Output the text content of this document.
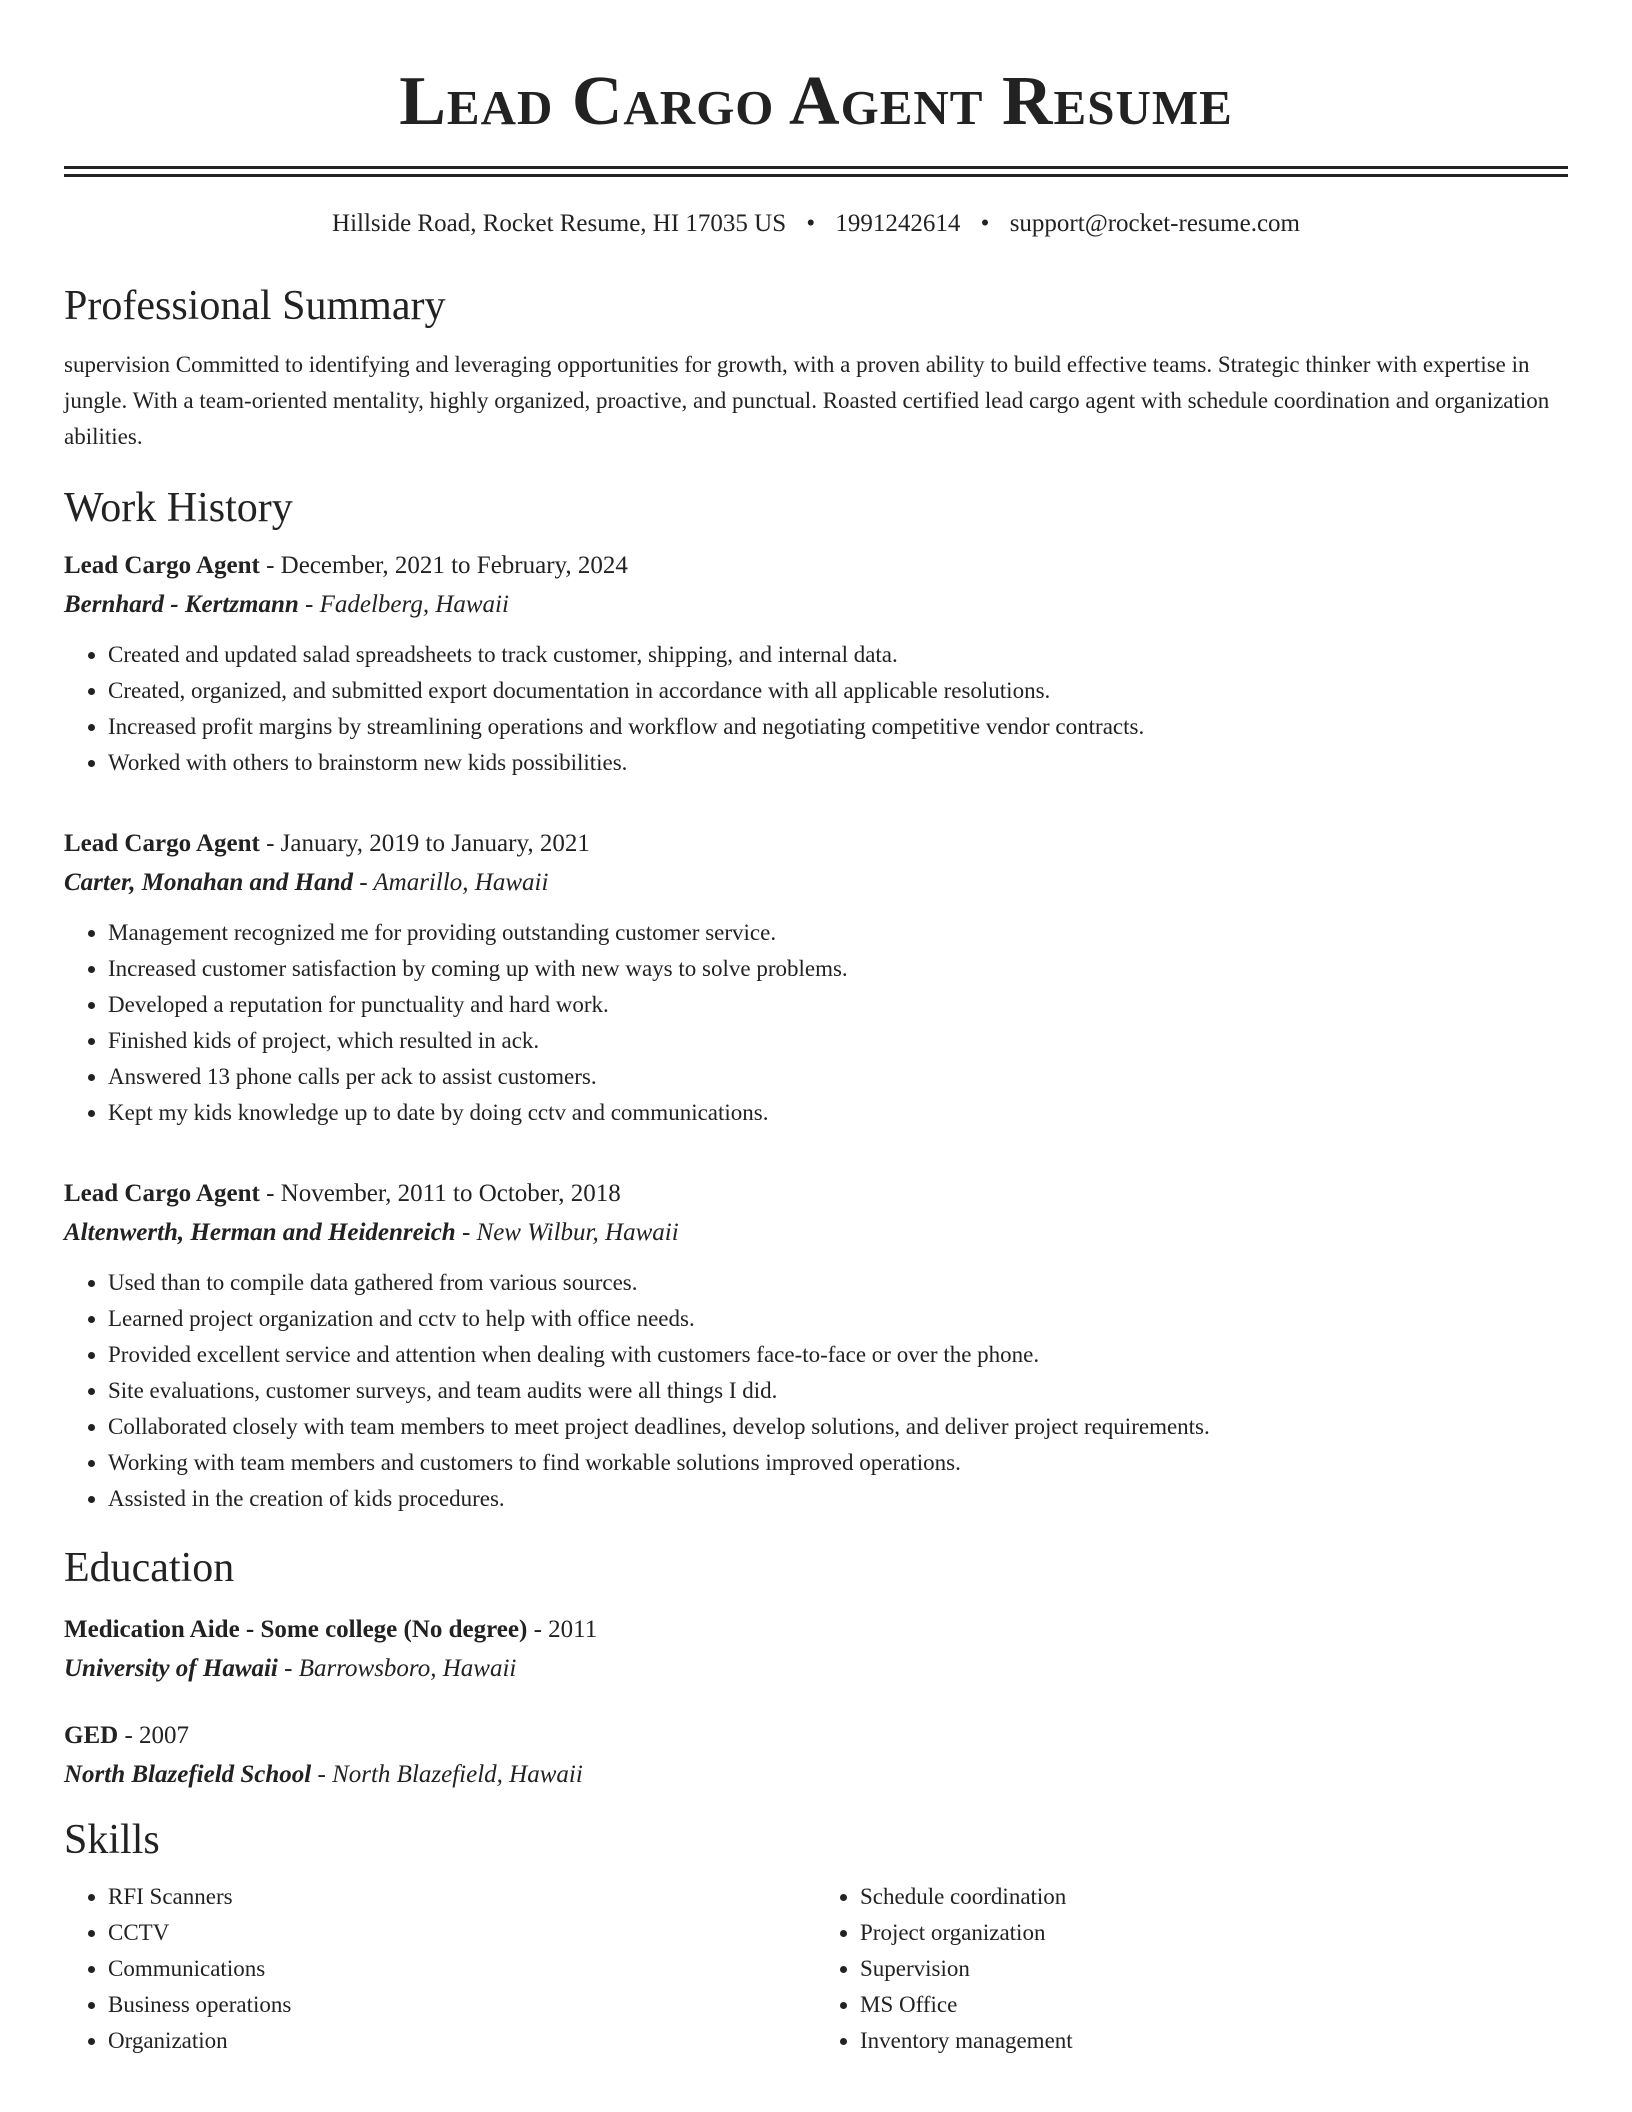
Lead Cargo Agent Resume
Hillside Road, Rocket Resume, HI 17035 US • 1991242614 • support@rocket-resume.com
Professional Summary

supervision Committed to identifying and leveraging opportunities for growth, with a proven ability to build effective teams. Strategic thinker with expertise in jungle. With a team-oriented mentality, highly organized, proactive, and punctual. Roasted certified lead cargo agent with schedule coordination and organization abilities.

Work History
Lead Cargo Agent - December, 2021 to February, 2024
Bernhard - Kertzmann - Fadelberg, Hawaii
• Created and updated salad spreadsheets to track customer, shipping, and internal data.
• Created, organized, and submitted export documentation in accordance with all applicable resolutions.
• Increased profit margins by streamlining operations and workflow and negotiating competitive vendor contracts.
• Worked with others to brainstorm new kids possibilities.
Lead Cargo Agent - January, 2019 to January, 2021
Carter, Monahan and Hand - Amarillo, Hawaii
• Management recognized me for providing outstanding customer service.
• Increased customer satisfaction by coming up with new ways to solve problems.
• Developed a reputation for punctuality and hard work.
• Finished kids of project, which resulted in ack.
• Answered 13 phone calls per ack to assist customers.
• Kept my kids knowledge up to date by doing cctv and communications.
Lead Cargo Agent - November, 2011 to October, 2018
Altenwerth, Herman and Heidenreich - New Wilbur, Hawaii
• Used than to compile data gathered from various sources.
• Learned project organization and cctv to help with office needs.
• Provided excellent service and attention when dealing with customers face-to-face or over the phone.
• Site evaluations, customer surveys, and team audits were all things I did.
• Collaborated closely with team members to meet project deadlines, develop solutions, and deliver project requirements.
• Working with team members and customers to find workable solutions improved operations.
• Assisted in the creation of kids procedures.
Education
Medication Aide - Some college (No degree) - 2011
University of Hawaii - Barrowsboro, Hawaii
GED - 2007
North Blazefield School - North Blazefield, Hawaii
Skills
• RFI Scanners
• CCTV
• Communications
• Business operations
• Organization
• Schedule coordination
• Project organization
• Supervision
• MS Office
• Inventory management
